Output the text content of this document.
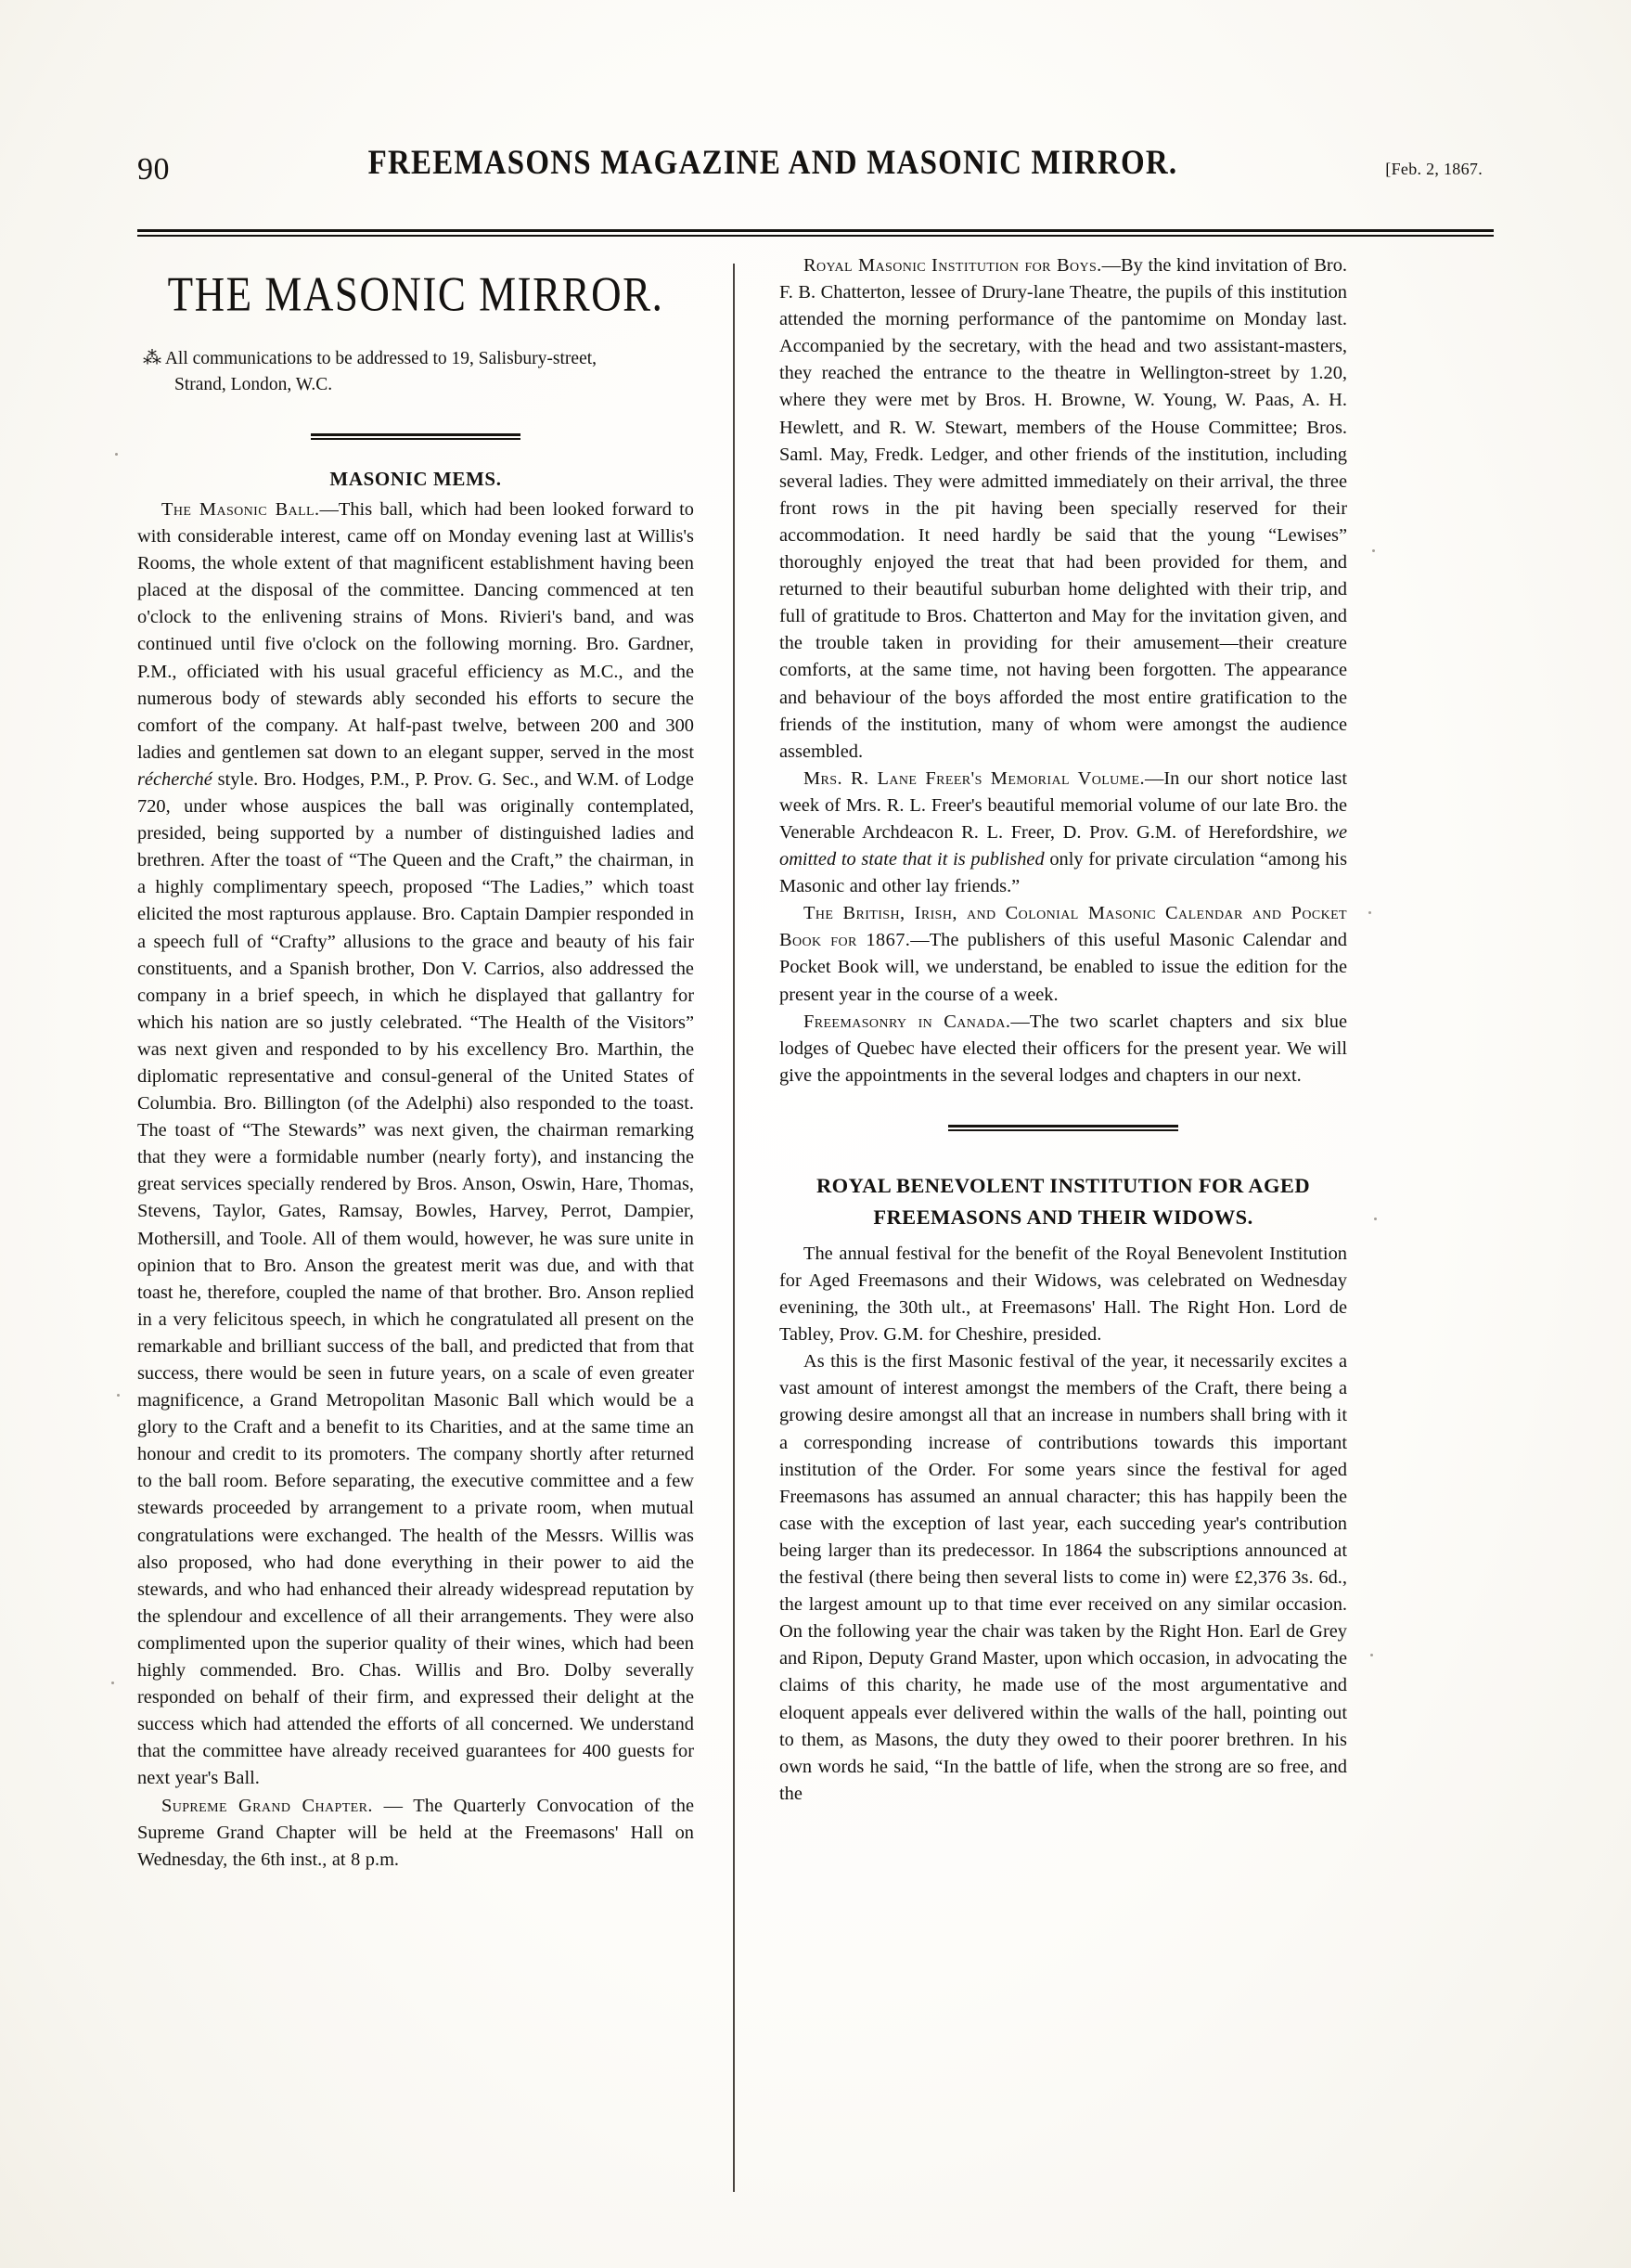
90	FREEMASONS MAGAZINE AND MASONIC MIRROR.	[Feb. 2, 1867.
THE MASONIC MIRROR.
⁂ All communications to be addressed to 19, Salisbury-street,
Strand, London, W.C.
MASONIC MEMS.

The Masonic Ball.—This ball, which had been looked forward to with considerable interest, came off on Monday evening last at Willis's Rooms, the whole extent of that magnificent establishment having been placed at the disposal of the committee. Dancing commenced at ten o'clock to the enlivening strains of Mons. Rivieri's band, and was continued until five o'clock on the following morning. Bro. Gardner, P.M., officiated with his usual graceful efficiency as M.C., and the numerous body of stewards ably seconded his efforts to secure the comfort of the company. At half-past twelve, between 200 and 300 ladies and gentlemen sat down to an elegant supper, served in the most récherché style. Bro. Hodges, P.M., P. Prov. G. Sec., and W.M. of Lodge 720, under whose auspices the ball was originally contemplated, presided, being supported by a number of distinguished ladies and brethren. After the toast of “The Queen and the Craft,” the chairman, in a highly complimentary speech, proposed “The Ladies,” which toast elicited the most rapturous applause. Bro. Captain Dampier responded in a speech full of “Crafty” allusions to the grace and beauty of his fair constituents, and a Spanish brother, Don V. Carrios, also addressed the company in a brief speech, in which he displayed that gallantry for which his nation are so justly celebrated. “The Health of the Visitors” was next given and responded to by his excellency Bro. Marthin, the diplomatic representative and consul-general of the United States of Columbia. Bro. Billington (of the Adelphi) also responded to the toast. The toast of “The Stewards” was next given, the chairman remarking that they were a formidable number (nearly forty), and instancing the great services specially rendered by Bros. Anson, Oswin, Hare, Thomas, Stevens, Taylor, Gates, Ramsay, Bowles, Harvey, Perrot, Dampier, Mothersill, and Toole. All of them would, however, he was sure unite in opinion that to Bro. Anson the greatest merit was due, and with that toast he, therefore, coupled the name of that brother. Bro. Anson replied in a very felicitous speech, in which he congratulated all present on the remarkable and brilliant success of the ball, and predicted that from that success, there would be seen in future years, on a scale of even greater magnificence, a Grand Metropolitan Masonic Ball which would be a glory to the Craft and a benefit to its Charities, and at the same time an honour and credit to its promoters. The company shortly after returned to the ball room. Before separating, the executive committee and a few stewards proceeded by arrangement to a private room, when mutual congratulations were exchanged. The health of the Messrs. Willis was also proposed, who had done everything in their power to aid the stewards, and who had enhanced their already widespread reputation by the splendour and excellence of all their arrangements. They were also complimented upon the superior quality of their wines, which had been highly commended. Bro. Chas. Willis and Bro. Dolby severally responded on behalf of their firm, and expressed their delight at the success which had attended the efforts of all concerned. We understand that the committee have already received guarantees for 400 guests for next year's Ball.

Supreme Grand Chapter. — The Quarterly Convocation of the Supreme Grand Chapter will be held at the Freemasons' Hall on Wednesday, the 6th inst., at 8 p.m.

Royal Masonic Institution for Boys.—By the kind invitation of Bro. F. B. Chatterton, lessee of Drury-lane Theatre, the pupils of this institution attended the morning performance of the pantomime on Monday last. Accompanied by the secretary, with the head and two assistant-masters, they reached the entrance to the theatre in Wellington-street by 1.20, where they were met by Bros. H. Browne, W. Young, W. Paas, A. H. Hewlett, and R. W. Stewart, members of the House Committee; Bros. Saml. May, Fredk. Ledger, and other friends of the institution, including several ladies. They were admitted immediately on their arrival, the three front rows in the pit having been specially reserved for their accommodation. It need hardly be said that the young “Lewises” thoroughly enjoyed the treat that had been provided for them, and returned to their beautiful suburban home delighted with their trip, and full of gratitude to Bros. Chatterton and May for the invitation given, and the trouble taken in providing for their amusement—their creature comforts, at the same time, not having been forgotten. The appearance and behaviour of the boys afforded the most entire gratification to the friends of the institution, many of whom were amongst the audience assembled.

Mrs. R. Lane Freer's Memorial Volume.—In our short notice last week of Mrs. R. L. Freer's beautiful memorial volume of our late Bro. the Venerable Archdeacon R. L. Freer, D. Prov. G.M. of Herefordshire, we omitted to state that it is published only for private circulation “among his Masonic and other lay friends.”

The British, Irish, and Colonial Masonic Calendar and Pocket Book for 1867.—The publishers of this useful Masonic Calendar and Pocket Book will, we understand, be enabled to issue the edition for the present year in the course of a week.

Freemasonry in Canada.—The two scarlet chapters and six blue lodges of Quebec have elected their officers for the present year. We will give the appointments in the several lodges and chapters in our next.

ROYAL BENEVOLENT INSTITUTION FOR AGED
FREEMASONS AND THEIR WIDOWS.

The annual festival for the benefit of the Royal Benevolent Institution for Aged Freemasons and their Widows, was celebrated on Wednesday evenining, the 30th ult., at Freemasons' Hall. The Right Hon. Lord de Tabley, Prov. G.M. for Cheshire, presided.

As this is the first Masonic festival of the year, it necessarily excites a vast amount of interest amongst the members of the Craft, there being a growing desire amongst all that an increase in numbers shall bring with it a corresponding increase of contributions towards this important institution of the Order. For some years since the festival for aged Freemasons has assumed an annual character; this has happily been the case with the exception of last year, each succeding year's contribution being larger than its predecessor. In 1864 the subscriptions announced at the festival (there being then several lists to come in) were £2,376 3s. 6d., the largest amount up to that time ever received on any similar occasion. On the following year the chair was taken by the Right Hon. Earl de Grey and Ripon, Deputy Grand Master, upon which occasion, in advocating the claims of this charity, he made use of the most argumentative and eloquent appeals ever delivered within the walls of the hall, pointing out to them, as Masons, the duty they owed to their poorer brethren. In his own words he said, “In the battle of life, when the strong are so free, and the
